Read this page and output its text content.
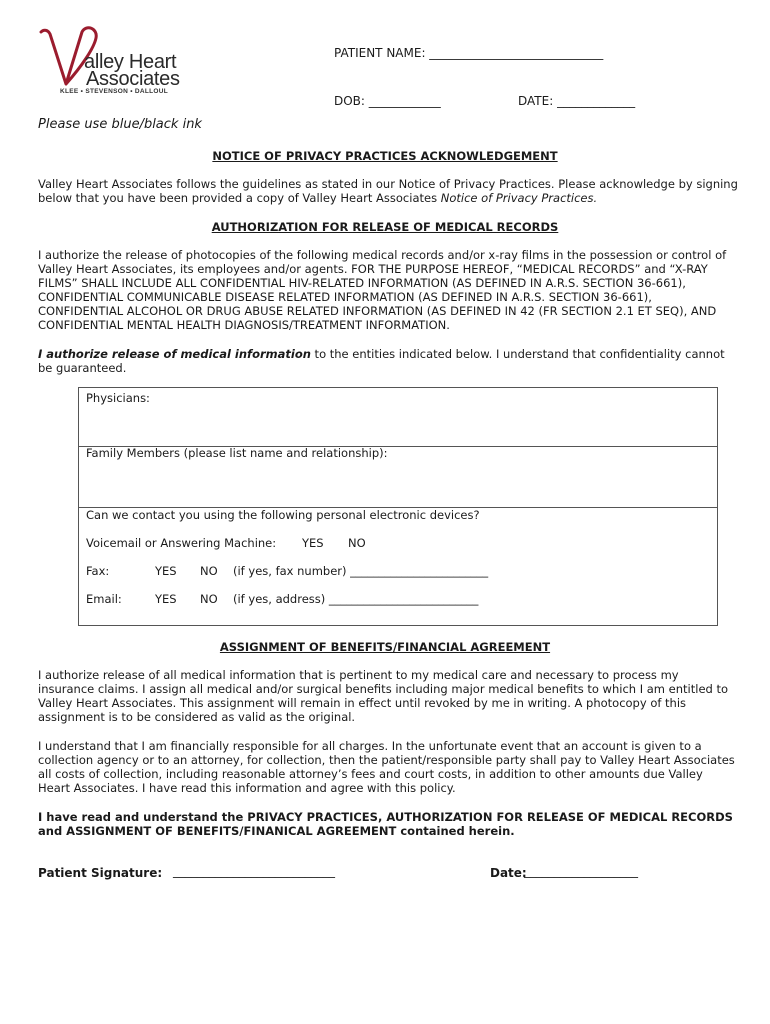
alley Heart
Associates
KLEE • STEVENSON • DALLOUL
PATIENT NAME: _____________________________
DOB: ____________	DATE: _____________
Please use blue/black ink
NOTICE OF PRIVACY PRACTICES ACKNOWLEDGEMENT
Valley Heart Associates follows the guidelines as stated in our Notice of Privacy Practices. Please acknowledge by signing below that you have been provided a copy of Valley Heart Associates Notice of Privacy Practices.
AUTHORIZATION FOR RELEASE OF MEDICAL RECORDS
I authorize the release of photocopies of the following medical records and/or x-ray films in the possession or control of Valley Heart Associates, its employees and/or agents. FOR THE PURPOSE HEREOF, “MEDICAL RECORDS” and “X-RAY FILMS” SHALL INCLUDE ALL CONFIDENTIAL HIV-RELATED INFORMATION (AS DEFINED IN A.R.S. SECTION 36-661), CONFIDENTIAL COMMUNICABLE DISEASE RELATED INFORMATION (AS DEFINED IN A.R.S. SECTION 36-661), CONFIDENTIAL ALCOHOL OR DRUG ABUSE RELATED INFORMATION (AS DEFINED IN 42 (FR SECTION 2.1 ET SEQ), AND CONFIDENTIAL MENTAL HEALTH DIAGNOSIS/TREATMENT INFORMATION.
I authorize release of medical information to the entities indicated below. I understand that confidentiality cannot be guaranteed.
Physicians:
Family Members (please list name and relationship):
Can we contact you using the following personal electronic devices?
Voicemail or Answering Machine: YES NO
Fax:	YES NO (if yes, fax number) ________________________
Email:	YES NO (if yes, address) __________________________
ASSIGNMENT OF BENEFITS/FINANCIAL AGREEMENT
I authorize release of all medical information that is pertinent to my medical care and necessary to process my insurance claims. I assign all medical and/or surgical benefits including major medical benefits to which I am entitled to Valley Heart Associates. This assignment will remain in effect until revoked by me in writing. A photocopy of this assignment is to be considered as valid as the original.
I understand that I am financially responsible for all charges. In the unfortunate event that an account is given to a collection agency or to an attorney, for collection, then the patient/responsible party shall pay to Valley Heart Associates all costs of collection, including reasonable attorney’s fees and court costs, in addition to other amounts due Valley Heart Associates. I have read this information and agree with this policy.
I have read and understand the PRIVACY PRACTICES, AUTHORIZATION FOR RELEASE OF MEDICAL RECORDS and ASSIGNMENT OF BENEFITS/FINANICAL AGREEMENT contained herein.
Patient Signature: ___________________________	Date:
___________________
